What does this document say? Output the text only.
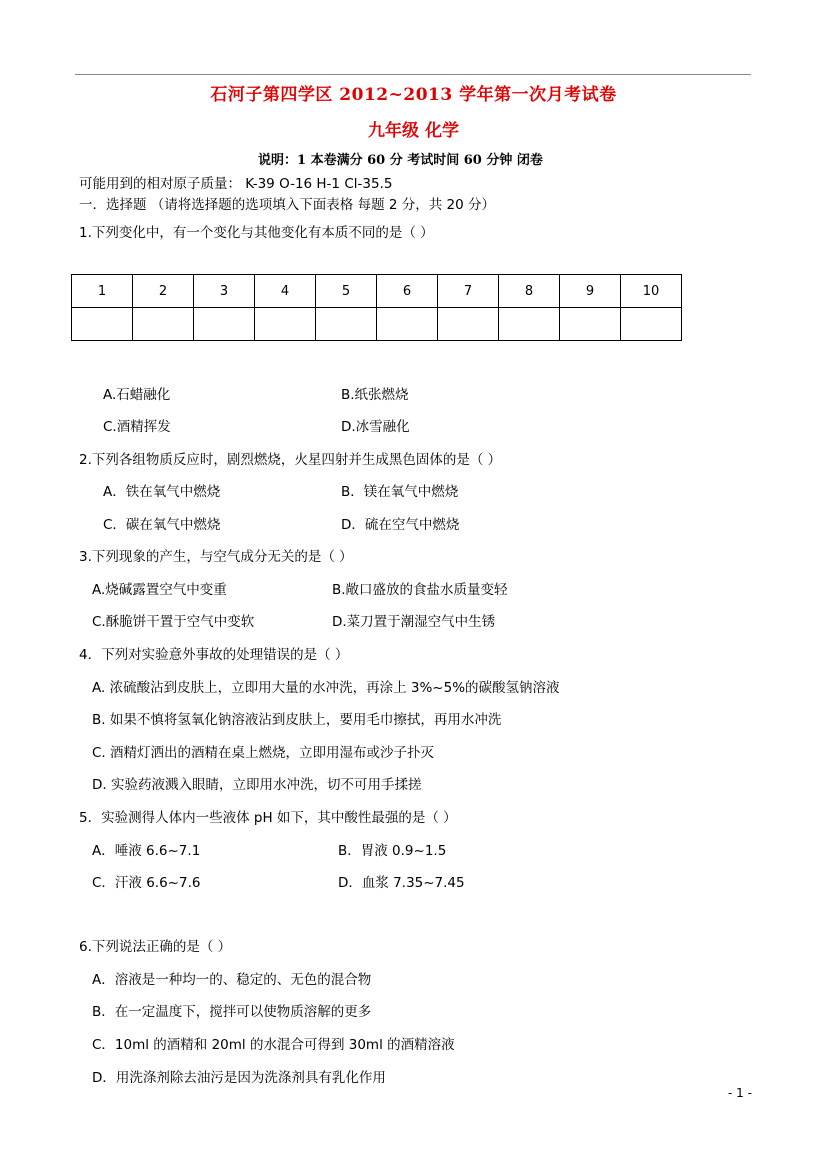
石河子第四学区 2012~2013 学年第一次月考试卷
九年级 化学
说明：1 本卷满分 60 分 考试时间 60 分钟 闭卷
可能用到的相对原子质量： K-39 O-16 H-1 Cl-35.5
一．选择题 （请将选择题的选项填入下面表格 每题 2 分，共 20 分）
1.下列变化中，有一个变化与其他变化有本质不同的是（ ）
1	2	3	4	5	6	7	8	9	10

A.石蜡融化	B.纸张燃烧
C.酒精挥发	D.冰雪融化
2.下列各组物质反应时，剧烈燃烧，火星四射并生成黑色固体的是（ ）
A．铁在氧气中燃烧	B．镁在氧气中燃烧
C．碳在氧气中燃烧	D．硫在空气中燃烧
3.下列现象的产生，与空气成分无关的是（ ）
A.烧碱露置空气中变重	B.敞口盛放的食盐水质量变轻
C.酥脆饼干置于空气中变软	D.菜刀置于潮湿空气中生锈
4．下列对实验意外事故的处理错误的是（ ）
A. 浓硫酸沾到皮肤上，立即用大量的水冲洗，再涂上 3%~5%的碳酸氢钠溶液
B. 如果不慎将氢氧化钠溶液沾到皮肤上，要用毛巾擦拭，再用水冲洗
C. 酒精灯洒出的酒精在桌上燃烧，立即用湿布或沙子扑灭
D. 实验药液溅入眼睛，立即用水冲洗，切不可用手揉搓
5．实验测得人体内一些液体 pH 如下，其中酸性最强的是（ ）
A．唾液 6.6~7.1	B．胃液 0.9~1.5
C．汗液 6.6~7.6	D．血浆 7.35~7.45
6.下列说法正确的是（ ）
A．溶液是一种均一的、稳定的、无色的混合物
B．在一定温度下，搅拌可以使物质溶解的更多
C．10ml 的酒精和 20ml 的水混合可得到 30ml 的酒精溶液
D．用洗涤剂除去油污是因为洗涤剂具有乳化作用
- 1 -
